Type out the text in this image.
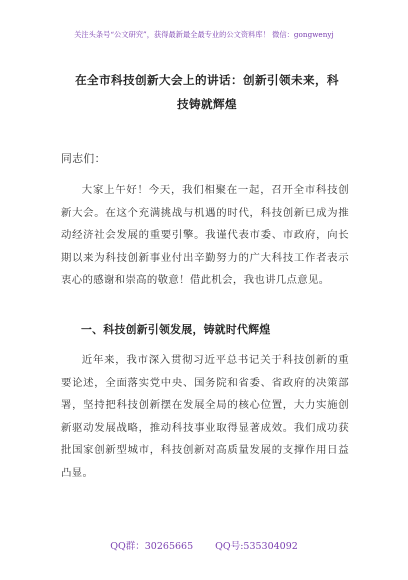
关注头条号“公文研究”，获得最新最全最专业的公文资料库！ 微信：gongwenyj
在全市科技创新大会上的讲话：创新引领未来，科技铸就辉煌
同志们：
大家上午好！今天，我们相聚在一起，召开全市科技创新大会。在这个充满挑战与机遇的时代，科技创新已成为推动经济社会发展的重要引擎。我谨代表市委、市政府，向长期以来为科技创新事业付出辛勤努力的广大科技工作者表示衷心的感谢和崇高的敬意！借此机会，我也讲几点意见。
一、科技创新引领发展，铸就时代辉煌
近年来，我市深入贯彻习近平总书记关于科技创新的重要论述，全面落实党中央、国务院和省委、省政府的决策部署，坚持把科技创新摆在发展全局的核心位置，大力实施创新驱动发展战略，推动科技事业取得显著成效。我们成功获批国家创新型城市，科技创新对高质量发展的支撑作用日益凸显。
QQ群：30265665 QQ号:535304092
